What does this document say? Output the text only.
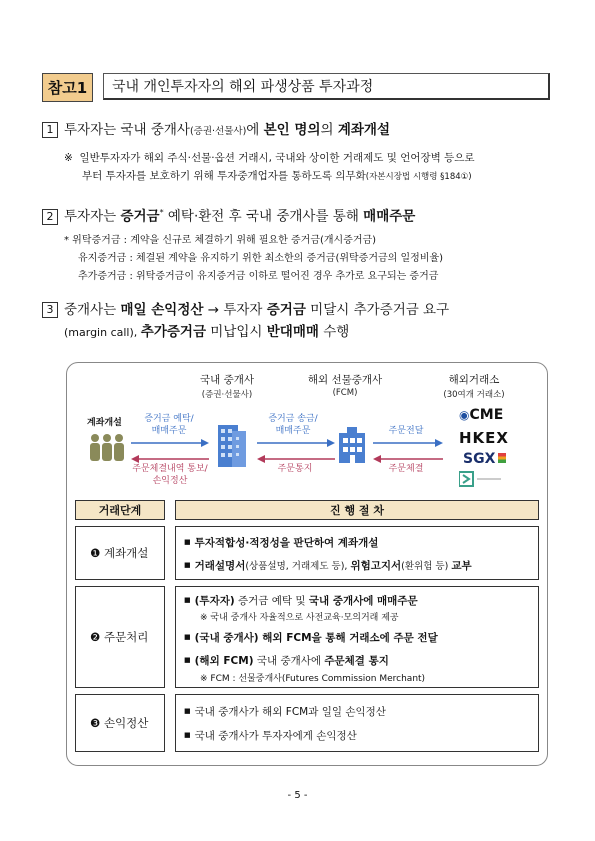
참고1	국내 개인투자자의 해외 파생상품 투자과정
1 투자자는 국내 중개사(증권·선물사)에 본인 명의의 계좌개설
※ 일반투자자가 해외 주식·선물·옵션 거래시, 국내와 상이한 거래제도 및 언어장벽 등으로
부터 투자자를 보호하기 위해 투자중개업자를 통하도록 의무화(자본시장법 시행령 §184①)
2 투자자는 증거금* 예탁·환전 후 국내 중개사를 통해 매매주문
* 위탁증거금 : 계약을 신규로 체결하기 위해 필요한 증거금(개시증거금)
유지증거금 : 체결된 계약을 유지하기 위한 최소한의 증거금(위탁증거금의 일정비율)
추가증거금 : 위탁증거금이 유지증거금 이하로 떨어진 경우 추가로 요구되는 증거금
3 중개사는 매일 손익정산 → 투자자 증거금 미달시 추가증거금 요구
(margin call), 추가증거금 미납입시 반대매매 수행
국내 중개사
(증권·선물사)
해외 선물중개사
(FCM)
해외거래소
(30여개 거래소)
계좌개설	증거금 예탁/
매매주문
주문체결내역 통보/
손익정산
증거금 송금/
매매주문
주문통지
주문전달
주문체결
◉CME
HKEX
SGX
거래단계	진 행 절 차
❶ 계좌개설
■ 투자적합성·적정성을 판단하여 계좌개설
■ 거래설명서(상품설명, 거래제도 등), 위험고지서(환위험 등) 교부
❷ 주문처리
■ (투자자) 증거금 예탁 및 국내 중개사에 매매주문
※ 국내 중개사 자율적으로 사전교육·모의거래 제공
■ (국내 중개사) 해외 FCM을 통해 거래소에 주문 전달
■ (해외 FCM) 국내 중개사에 주문체결 통지
※ FCM : 선물중개사(Futures Commission Merchant)
❸ 손익정산
■ 국내 중개사가 해외 FCM과 일일 손익정산
■ 국내 중개사가 투자자에게 손익정산
- 5 -
